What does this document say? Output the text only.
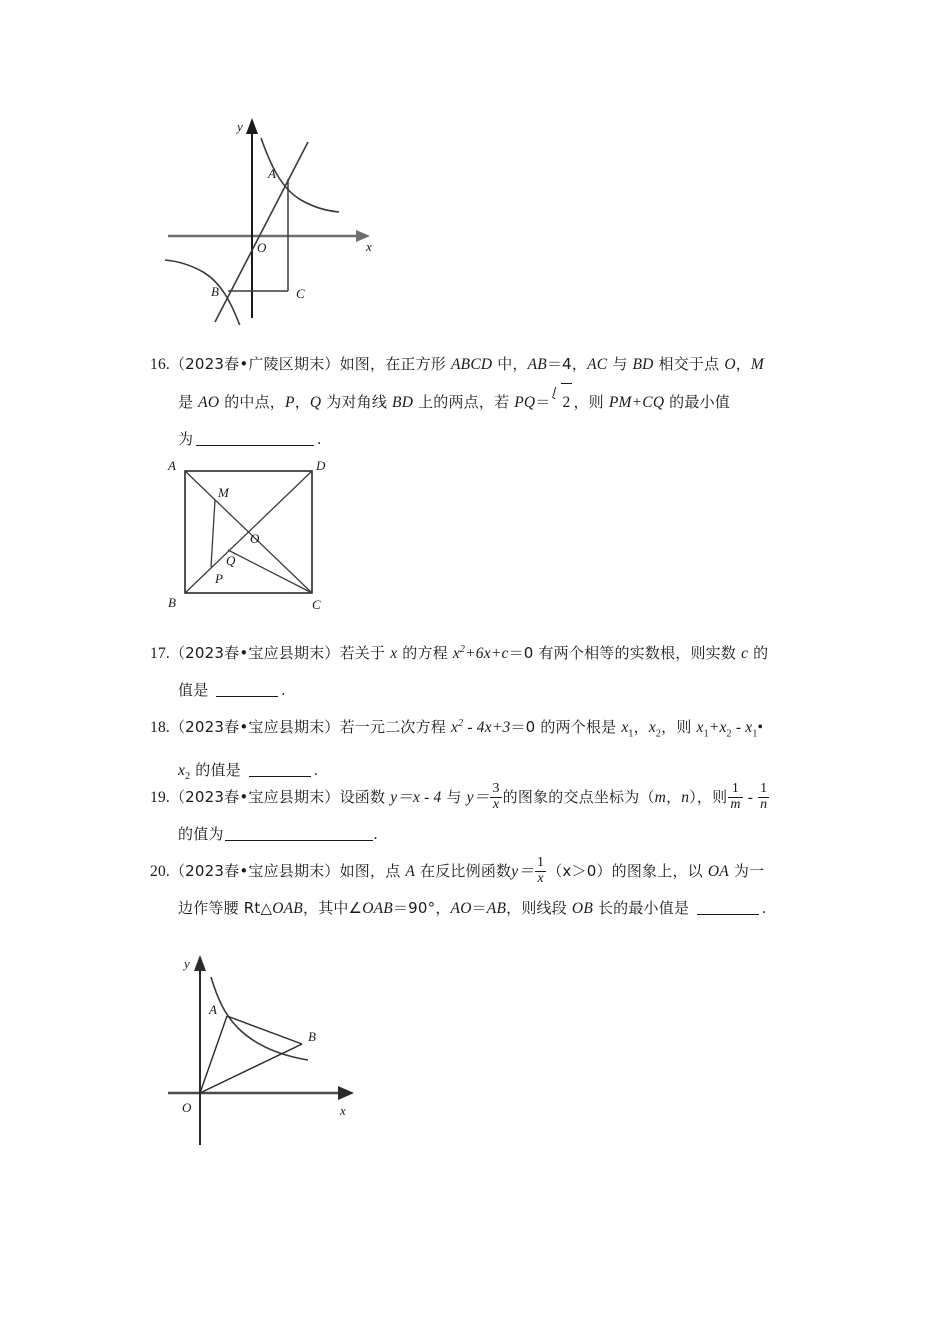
A
B	C
O
y
x
16.（2023春•广陵区期末）如图，在正方形 ABCD 中，AB＝4，AC 与 BD 相交于点 O，M
是 AO 的中点，P，Q 为对角线 BD 上的两点，若 PQ＝ 2 ，则 PM+CQ 的最小值
为	.
A	D
B	C
M
O
Q
P
17.（2023春•宝应县期末）若关于 x 的方程 $x^2+6x+c=0$ 有两个相等的实数根，则实数 c 的
值是	.
18.（2023春•宝应县期末）若一元二次方程 $x^2 - 4x+3=0$ 的两个根是 $x_1$，$x_2$，则 $x_1+x_2$ - $x_1•$
$x_2$ 的值是	.
19.（2023春•宝应县期末）设函数 y＝x - 4 与 $y= \frac{3}{x}$ 的图象的交点坐标为（m，n），则 $\frac{1}{m} - \frac{1}{n}$
的值为	.
20.（2023春•宝应县期末）如图，点 A 在反比例函数$y= \frac{1}{x} (x>0)$的图象上，以 OA 为一
边作等腰 Rt△OAB，其中∠OAB＝90°，AO＝AB，则线段 OB 长的最小值是	.
A
B
O
y
x
